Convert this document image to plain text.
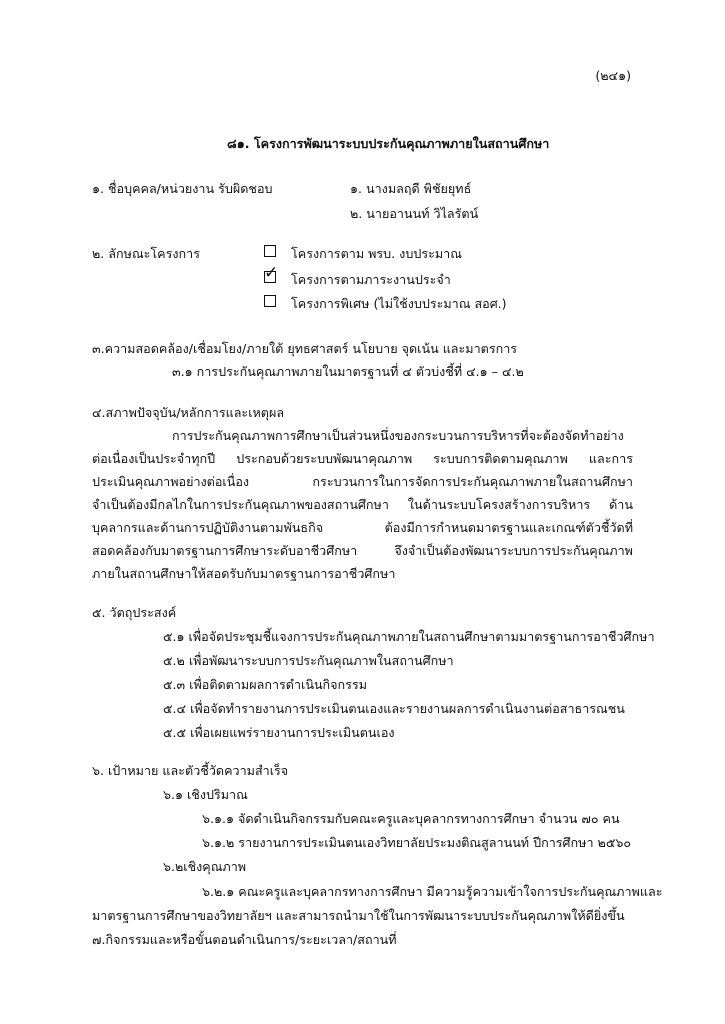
(๒๔๑)
๘๑. โครงการพัฒนาระบบประกันคุณภาพภายในสถานศึกษา
๑. ชื่อบุคคล/หน่วยงาน รับผิดชอบ	๑. นางมลฤดี พิชัยยุทธ์
๒. นายอานนท์ วิไลรัตน์
๒. ลักษณะโครงการ	โครงการตาม พรบ. งบประมาณ
✓ โครงการตามภาระงานประจำ
โครงการพิเศษ (ไม่ใช้งบประมาณ สอศ.)
๓.ความสอดคล้อง/เชื่อมโยง/ภายใต้ ยุทธศาสตร์ นโยบาย จุดเน้น และมาตรการ
๓.๑ การประกันคุณภาพภายในมาตรฐานที่ ๔ ตัวบ่งชี้ที่ ๔.๑ – ๔.๒
๔.สภาพปัจจุบัน/หลักการและเหตุผล
การประกันคุณภาพการศึกษาเป็นส่วนหนึ่งของกระบวนการบริหารที่จะต้องจัดทำอย่าง
ต่อเนื่องเป็นประจำทุกปี ประกอบด้วยระบบพัฒนาคุณภาพ ระบบการติดตามคุณภาพ และการ
ประเมินคุณภาพอย่างต่อเนื่อง กระบวนการในการจัดการประกันคุณภาพภายในสถานศึกษา
จำเป็นต้องมีกลไกในการประกันคุณภาพของสถานศึกษา ในด้านระบบโครงสร้างการบริหาร ด้าน
บุคลากรและด้านการปฏิบัติงานตามพันธกิจ ต้องมีการกำหนดมาตรฐานและเกณฑ์ตัวชี้วัดที่
สอดคล้องกับมาตรฐานการศึกษาระดับอาชีวศึกษา จึงจำเป็นต้องพัฒนาระบบการประกันคุณภาพ
ภายในสถานศึกษาให้สอดรับกับมาตรฐานการอาชีวศึกษา
๕. วัตถุประสงค์
๕.๑ เพื่อจัดประชุมชี้แจงการประกันคุณภาพภายในสถานศึกษาตามมาตรฐานการอาชีวศึกษา
๕.๒ เพื่อพัฒนาระบบการประกันคุณภาพในสถานศึกษา
๕.๓ เพื่อติดตามผลการดำเนินกิจกรรม
๕.๔ เพื่อจัดทำรายงานการประเมินตนเองและรายงานผลการดำเนินงานต่อสาธารณชน
๕.๕ เพื่อเผยแพร่รายงานการประเมินตนเอง
๖. เป้าหมาย และตัวชี้วัดความสำเร็จ
๖.๑ เชิงปริมาณ
๖.๑.๑ จัดดำเนินกิจกรรมกับคณะครูและบุคลากรทางการศึกษา จำนวน ๗๐ คน
๖.๑.๒ รายงานการประเมินตนเองวิทยาลัยประมงติณสูลานนท์ ปีการศึกษา ๒๕๖๐
๖.๒เชิงคุณภาพ
๖.๒.๑ คณะครูและบุคลากรทางการศึกษา มีความรู้ความเข้าใจการประกันคุณภาพและ
มาตรฐานการศึกษาของวิทยาลัยฯ และสามารถนำมาใช้ในการพัฒนาระบบประกันคุณภาพให้ดียิ่งขึ้น
๗.กิจกรรมและหรือขั้นตอนดำเนินการ/ระยะเวลา/สถานที่
